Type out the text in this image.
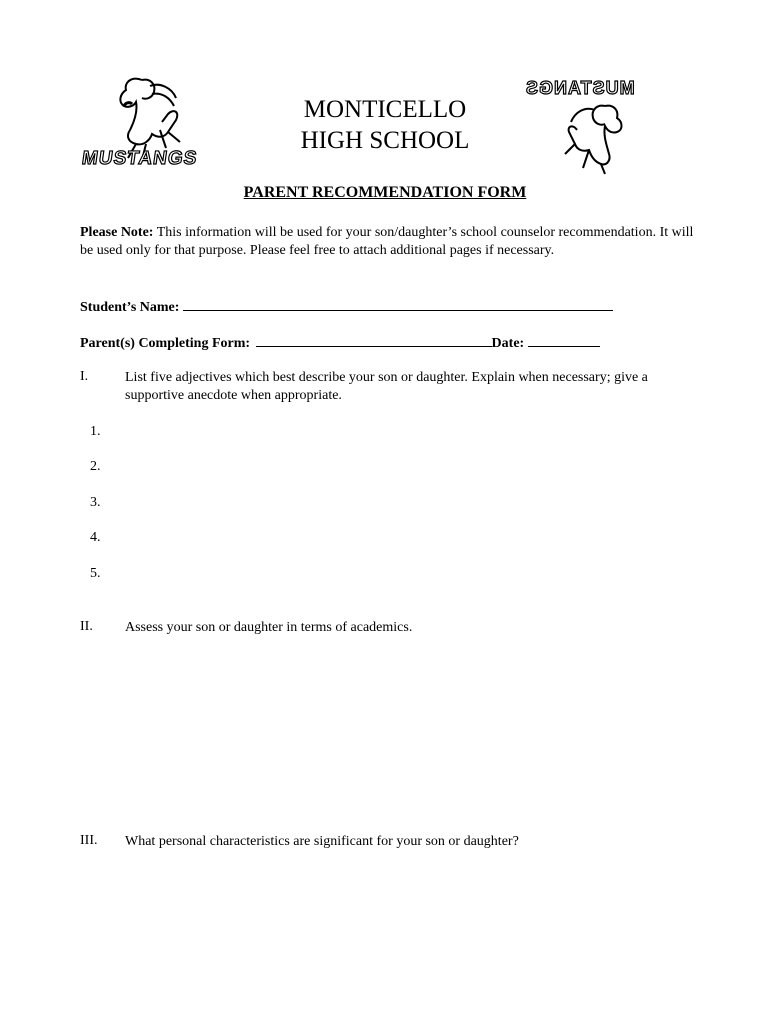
MUSTANGS
MUSTANGS
MONTICELLO
HIGH SCHOOL
PARENT RECOMMENDATION FORM
Please Note: This information will be used for your son/daughter’s school counselor recommendation. It will be used only for that purpose. Please feel free to attach additional pages if necessary.
Student’s Name:
Parent(s) Completing Form:	Date:
I.	List five adjectives which best describe your son or daughter. Explain when necessary; give a supportive anecdote when appropriate.
1.
2.
3.
4.
5.
II. Assess your son or daughter in terms of academics.
III. What personal characteristics are significant for your son or daughter?
